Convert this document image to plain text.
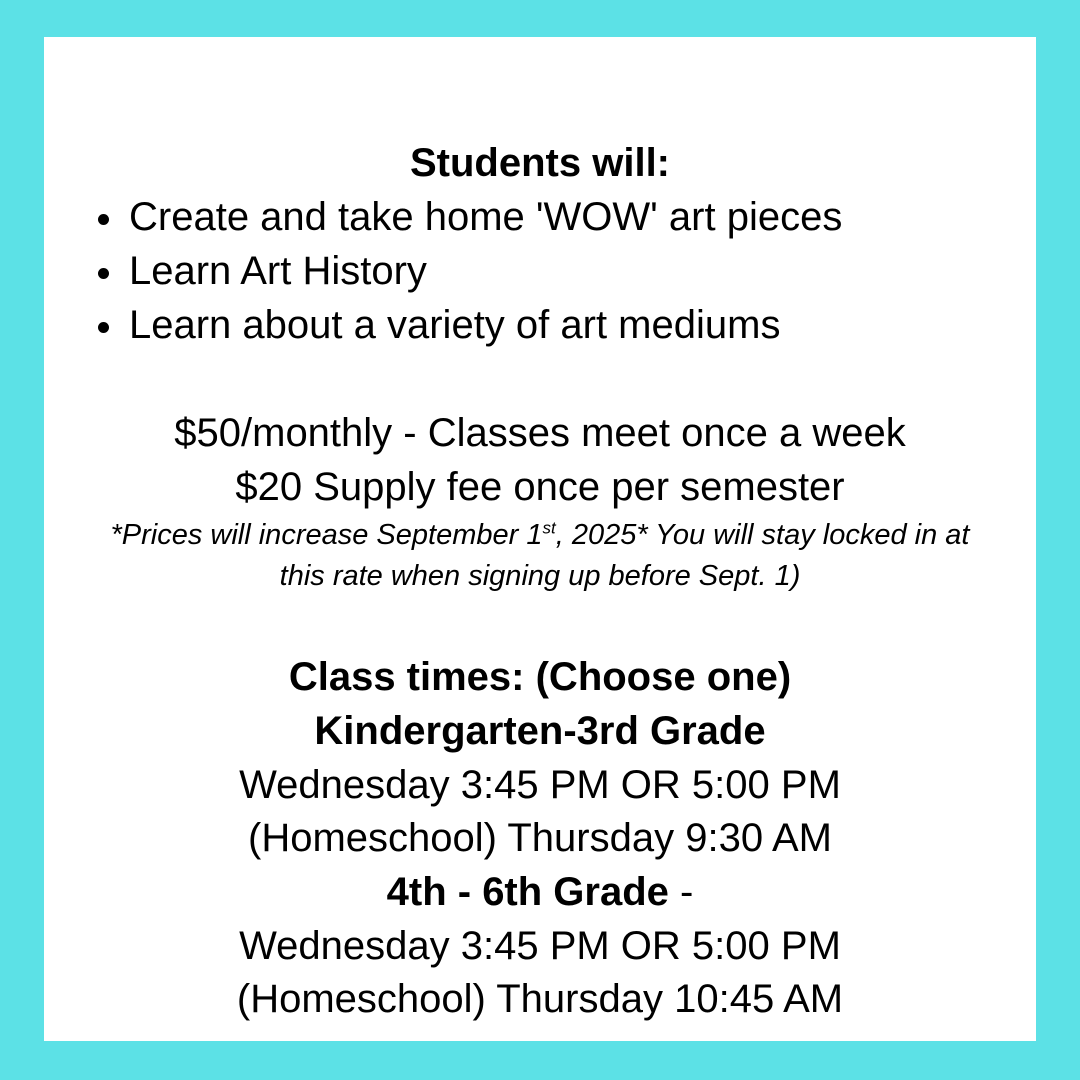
Students will:
Create and take home 'WOW' art pieces
Learn Art History
Learn about a variety of art mediums
$50/monthly - Classes meet once a week
$20 Supply fee once per semester
*Prices will increase September 1st, 2025* You will stay locked in at
this rate when signing up before Sept. 1)
Class times: (Choose one)
Kindergarten-3rd Grade
Wednesday 3:45 PM OR 5:00 PM
(Homeschool) Thursday 9:30 AM
4th - 6th Grade -
Wednesday 3:45 PM OR 5:00 PM
(Homeschool) Thursday 10:45 AM
